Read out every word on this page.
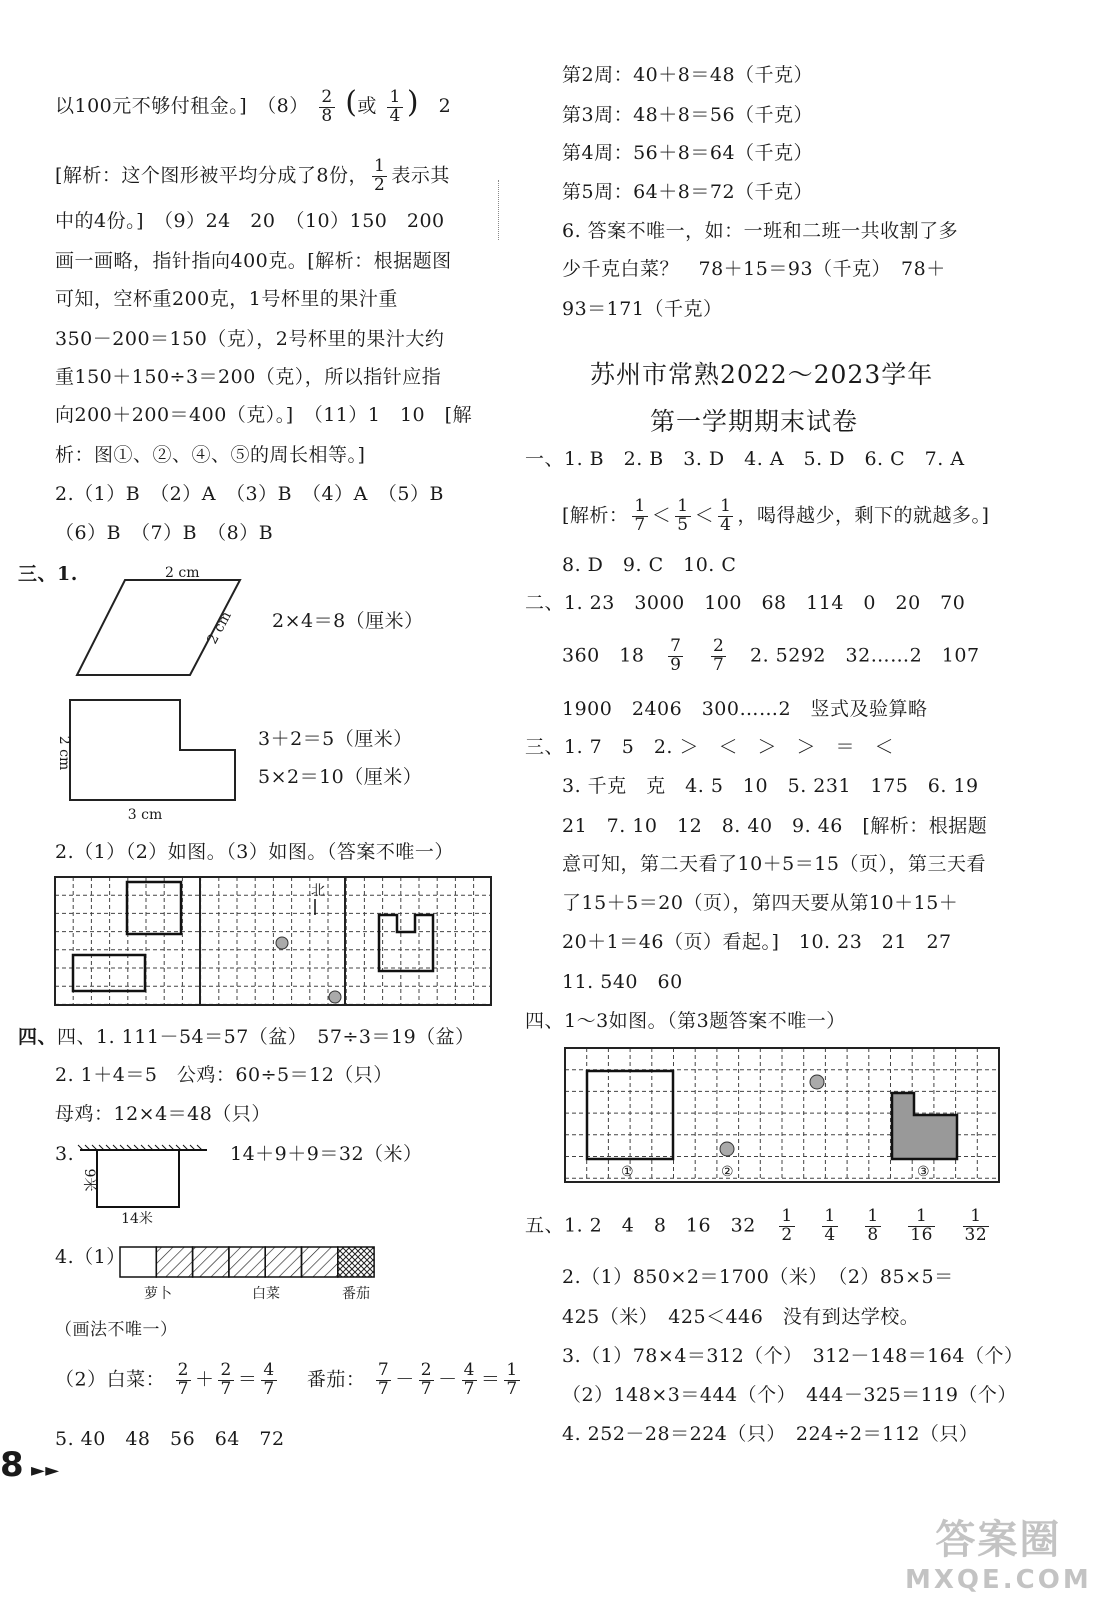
以100元不够付租金。]　$(8) \frac{2}{8}$ (或 $\frac{1}{4}$ ) 2
[解析：这个图形被平均分成了8份， $\frac{1}{2}$ 表示其
中的4份。]　（9）24　20　（10）150　200
画一画略，指针指向400克。[解析：根据题图
可知，空杯重200克，1号杯里的果汁重
350－200＝150（克），2号杯里的果汁大约
重150＋150÷3＝200（克），所以指针应指
向200＋200＝400（克）。]　（11）1　10　[解
析：图①、②、④、⑤的周长相等。]
2.（1）B　（2）A　（3）B　（4）A　（5）B
（6）B　（7）B　（8）B
三、1.	2 cm
2 cm 2×4＝8（厘米）
2 cm
3 cm
3＋2＝5（厘米）
5×2＝10（厘米）
2.（1）（2）如图。（3）如图。（答案不唯一）
北
四、四、1. 111－54＝57（盆）　57÷3＝19（盆）
2. 1＋4＝5　公鸡：60÷5＝12（只）
母鸡：12×4＝48（只）
3.
9米
14米
14＋9＋9＝32（米）
4.（1）
萝卜	白菜	番茄
（画法不唯一）
（2）白菜： $\frac{2}{7} + \frac{2}{7} = \frac{4}{7}$ 番茄： $\frac{7}{7} - \frac{2}{7} - \frac{4}{7} = \frac{1}{7}$
5. 40　48　56　64　72
8 ►►
第2周：40＋8＝48（千克）
第3周：48＋8＝56（千克）
第4周：56＋8＝64（千克）
第5周：64＋8＝72（千克）
6. 答案不唯一，如：一班和二班一共收割了多
少千克白菜？　78＋15＝93（千克）　78＋
93＝171（千克）
苏州市常熟2022～2023学年
第一学期期末试卷
一、1. B　2. B　3. D　4. A　5. D　6. C　7. A
[解析： $\frac{1}{7} < \frac{1}{5} < \frac{1}{4}$ ，喝得越少，剩下的就越多。]
8. D　9. C　10. C
二、1. 23　3000　100　68　114　0　20　70
360　$18 \frac{7}{9}$
$\frac{2}{7} 2$. 5292　32……2　107
1900　2406　300……2　竖式及验算略
三、1. 7　5　2. ＞　＜　＞　＞　＝　＜
3. 千克　克　4. 5　10　5. 231　175　6. 19
21　7. 10　12　8. 40　9. 46　[解析：根据题
意可知，第二天看了10＋5＝15（页），第三天看
了15＋5＝20（页），第四天要从第10＋15＋
20＋1＝46（页）看起。]　10. 23　21　27
11. 540　60
四、1～3如图。（第3题答案不唯一）
①	②	③
五、1. 2　4　8　16　$32 \frac{1}{2}$
$\frac{1}{4}$
$\frac{1}{8}$
$\frac{1}{16}$
$\frac{1}{32}$
2.（1）850×2＝1700（米）　（2）85×5＝
425（米）　425＜446　没有到达学校。
3.（1）78×4＝312（个）　312－148＝164（个）
（2）148×3＝444（个）　444－325＝119（个）
4. 252－28＝224（只）　224÷2＝112（只）
答案圈
MXQE.COM
